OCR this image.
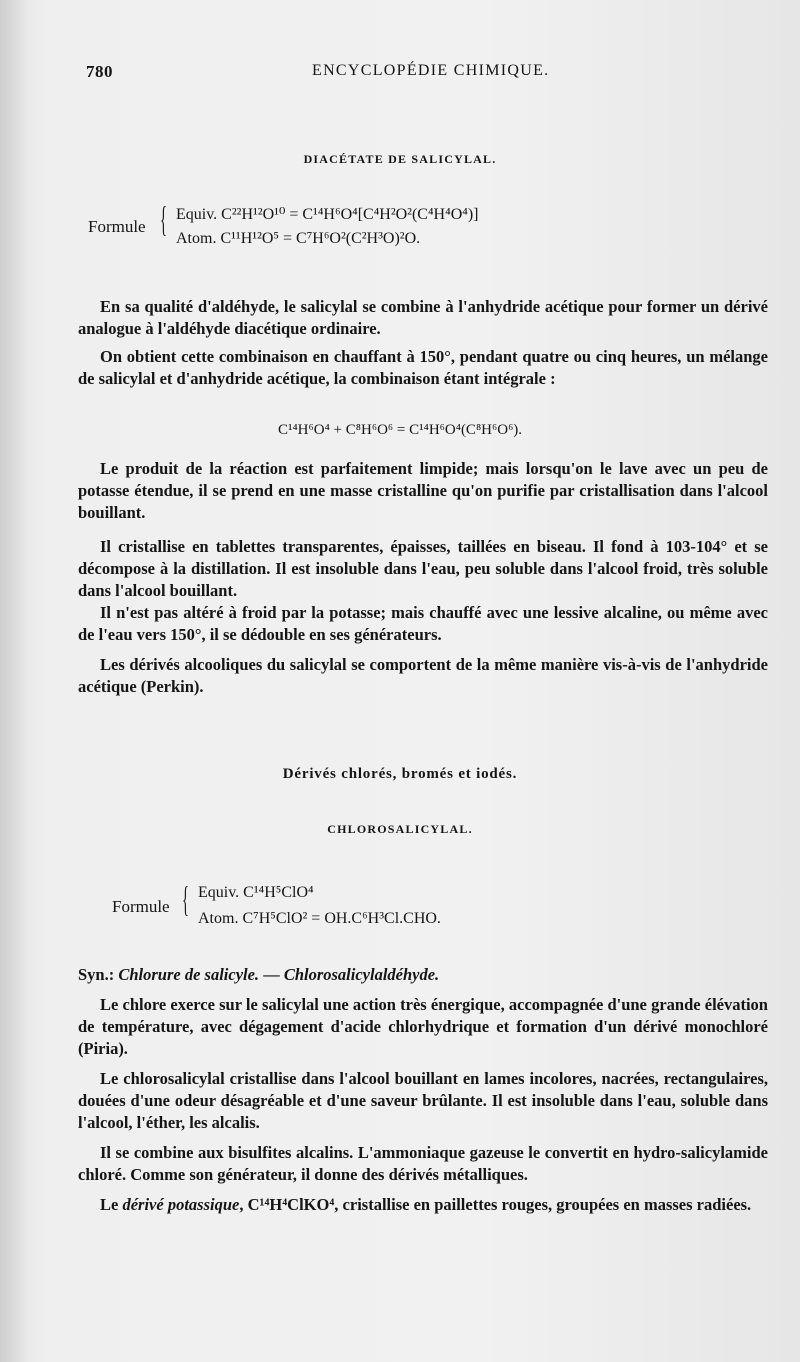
780	ENCYCLOPÉDIE CHIMIQUE.
DIACÉTATE DE SALICYLAL.
Formule { Equiv. C²²H¹²O¹⁰ = C¹⁴H⁶O⁴[C⁴H²O²(C⁴H⁴O⁴)]
Atom. C¹¹H¹²O⁵ = C⁷H⁶O²(C²H³O)²O.
En sa qualité d'aldéhyde, le salicylal se combine à l'anhydride acétique pour former un dérivé analogue à l'aldéhyde diacétique ordinaire.
On obtient cette combinaison en chauffant à 150°, pendant quatre ou cinq heures, un mélange de salicylal et d'anhydride acétique, la combinaison étant intégrale :
C¹⁴H⁶O⁴ + C⁸H⁶O⁶ = C¹⁴H⁶O⁴(C⁸H⁶O⁶).
Le produit de la réaction est parfaitement limpide; mais lorsqu'on le lave avec un peu de potasse étendue, il se prend en une masse cristalline qu'on purifie par cristallisation dans l'alcool bouillant.
Il cristallise en tablettes transparentes, épaisses, taillées en biseau. Il fond à 103-104° et se décompose à la distillation. Il est insoluble dans l'eau, peu soluble dans l'alcool froid, très soluble dans l'alcool bouillant.
Il n'est pas altéré à froid par la potasse; mais chauffé avec une lessive alcaline, ou même avec de l'eau vers 150°, il se dédouble en ses générateurs.
Les dérivés alcooliques du salicylal se comportent de la même manière vis-à-vis de l'anhydride acétique (Perkin).
Dérivés chlorés, bromés et iodés.
CHLOROSALICYLAL.
Formule { Equiv. C¹⁴H⁵ClO⁴
Atom. C⁷H⁵ClO² = OH.C⁶H³Cl.CHO.
Syn.: Chlorure de salicyle. — Chlorosalicylaldéhyde.
Le chlore exerce sur le salicylal une action très énergique, accompagnée d'une grande élévation de température, avec dégagement d'acide chlorhydrique et formation d'un dérivé monochloré (Piria).
Le chlorosalicylal cristallise dans l'alcool bouillant en lames incolores, nacrées, rectangulaires, douées d'une odeur désagréable et d'une saveur brûlante. Il est insoluble dans l'eau, soluble dans l'alcool, l'éther, les alcalis.
Il se combine aux bisulfites alcalins. L'ammoniaque gazeuse le convertit en hydro-salicylamide chloré. Comme son générateur, il donne des dérivés métalliques.
Le dérivé potassique, C¹⁴H⁴ClKO⁴, cristallise en paillettes rouges, groupées en masses radiées.
